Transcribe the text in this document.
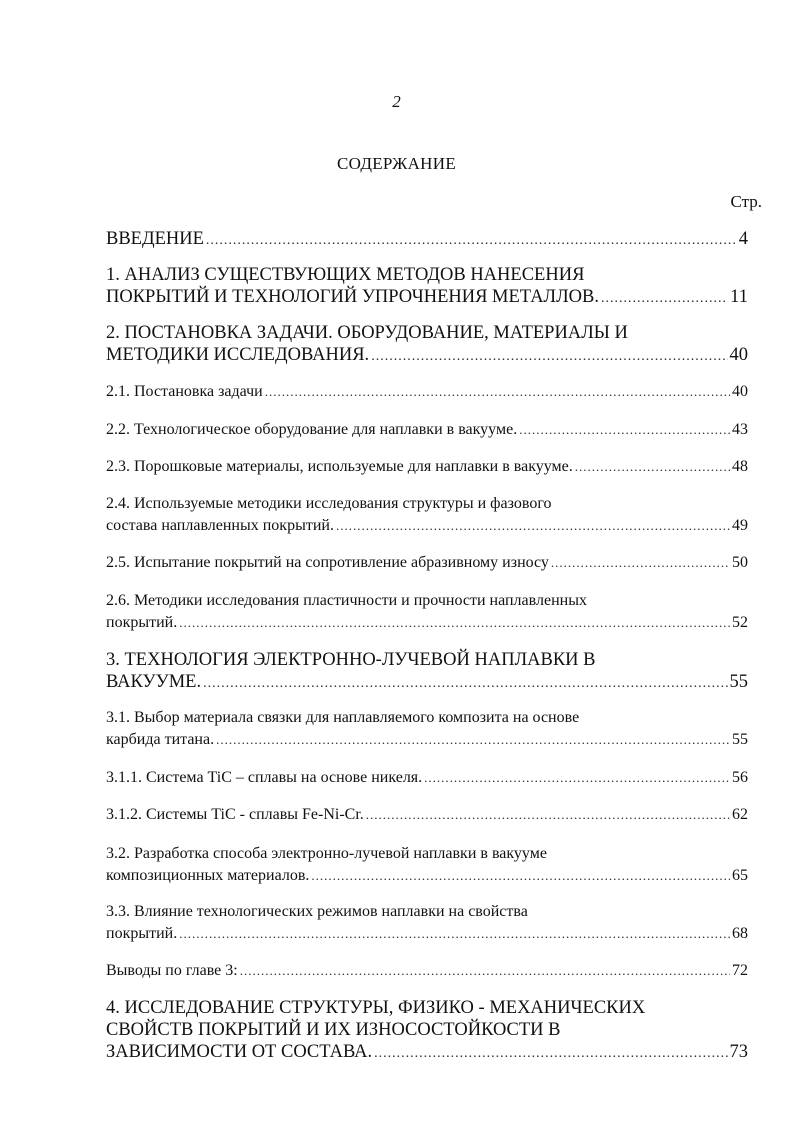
2
СОДЕРЖАНИЕ
Стр.
ВВЕДЕНИЕ .....	4
1. АНАЛИЗ СУЩЕСТВУЮЩИХ МЕТОДОВ НАНЕСЕНИЯ
ПОКРЫТИЙ И ТЕХНОЛОГИЙ УПРОЧНЕНИЯ МЕТАЛЛОВ. .....	11
2. ПОСТАНОВКА ЗАДАЧИ. ОБОРУДОВАНИЕ, МАТЕРИАЛЫ И
МЕТОДИКИ ИССЛЕДОВАНИЯ. .....	40
2.1. Постановка задачи .....	40
2.2. Технологическое оборудование для наплавки в вакууме. .....	43
2.3. Порошковые материалы, используемые для наплавки в вакууме. .....	48
2.4. Используемые методики исследования структуры и фазового
состава наплавленных покрытий. .....	49
2.5. Испытание покрытий на сопротивление абразивному износу .....	50
2.6. Методики исследования пластичности и прочности наплавленных
покрытий. .....	52
3. ТЕХНОЛОГИЯ ЭЛЕКТРОННО-ЛУЧЕВОЙ НАПЛАВКИ В
ВАКУУМЕ. .....	55
3.1. Выбор материала связки для наплавляемого композита на основе
карбида титана. .....	55
3.1.1. Система TiC – сплавы на основе никеля. .....	56
3.1.2. Системы TiC - сплавы Fe-Ni-Cr. .....	62
3.2. Разработка способа электронно-лучевой наплавки в вакууме
композиционных материалов. .....	65
3.3. Влияние технологических режимов наплавки на свойства
покрытий. .....	68
Выводы по главе 3: .....	72
4. ИССЛЕДОВАНИЕ СТРУКТУРЫ, ФИЗИКО - МЕХАНИЧЕСКИХ СВОЙСТВ ПОКРЫТИЙ И ИХ ИЗНОСОСТОЙКОСТИ В
ЗАВИСИМОСТИ ОТ СОСТАВА. .....	73
